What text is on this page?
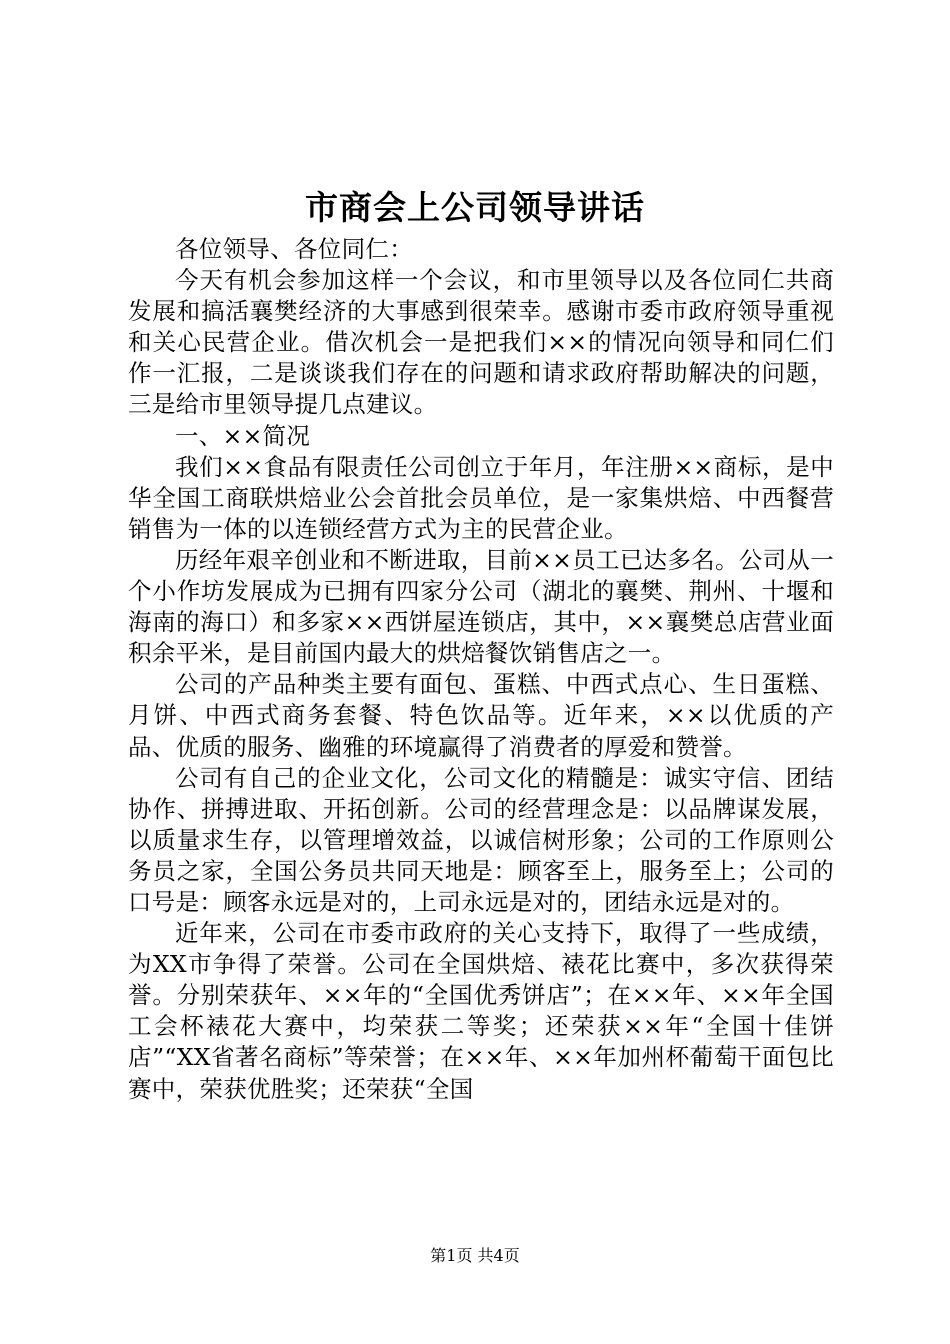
市商会上公司领导讲话

各位领导、各位同仁：

今天有机会参加这样一个会议，和市里领导以及各位同仁共商发展和搞活襄樊经济的大事感到很荣幸。感谢市委市政府领导重视和关心民营企业。借次机会一是把我们××的情况向领导和同仁们作一汇报，二是谈谈我们存在的问题和请求政府帮助解决的问题，三是给市里领导提几点建议。

一、××简况

我们××食品有限责任公司创立于年月，年注册××商标，是中华全国工商联烘焙业公会首批会员单位，是一家集烘焙、中西餐营销售为一体的以连锁经营方式为主的民营企业。

历经年艰辛创业和不断进取，目前××员工已达多名。公司从一个小作坊发展成为已拥有四家分公司（湖北的襄樊、荆州、十堰和海南的海口）和多家××西饼屋连锁店，其中，××襄樊总店营业面积余平米，是目前国内最大的烘焙餐饮销售店之一。

公司的产品种类主要有面包、蛋糕、中西式点心、生日蛋糕、月饼、中西式商务套餐、特色饮品等。近年来，××以优质的产品、优质的服务、幽雅的环境赢得了消费者的厚爱和赞誉。

公司有自己的企业文化，公司文化的精髓是：诚实守信、团结协作、拼搏进取、开拓创新。公司的经营理念是：以品牌谋发展，以质量求生存，以管理增效益，以诚信树形象；公司的工作原则公务员之家，全国公务员共同天地是：顾客至上，服务至上；公司的口号是：顾客永远是对的，上司永远是对的，团结永远是对的。

近年来，公司在市委市政府的关心支持下，取得了一些成绩，为XX市争得了荣誉。公司在全国烘焙、裱花比赛中，多次获得荣誉。分别荣获年、××年的“全国优秀饼店”；在××年、××年全国工会杯裱花大赛中，均荣获二等奖；还荣获××年“全国十佳饼店”“XX省著名商标”等荣誉；在××年、××年加州杯葡萄干面包比赛中，荣获优胜奖；还荣获“全国

第1页 共4页
